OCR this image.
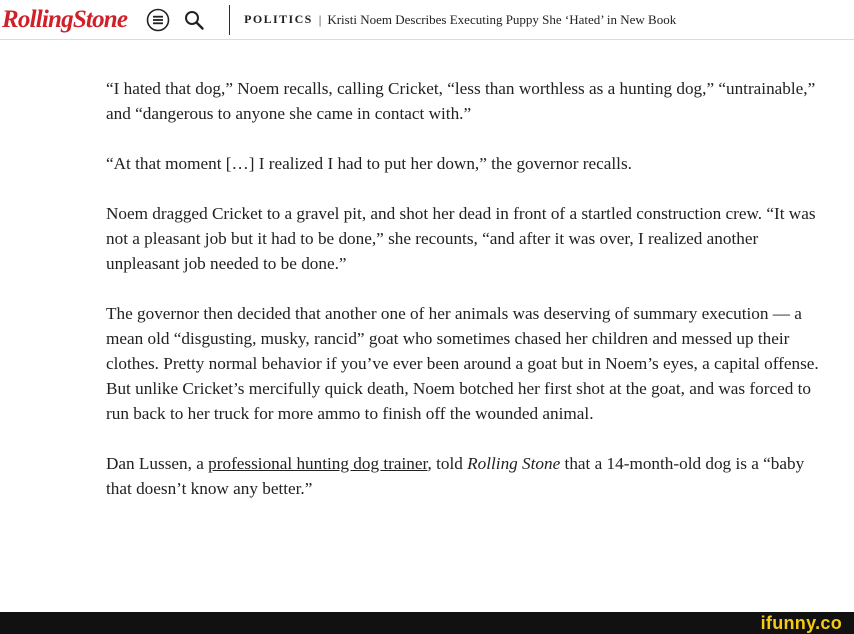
RollingStone	POLITICS | Kristi Noem Describes Executing Puppy She ‘Hated’ in New Book

“I hated that dog,” Noem recalls, calling Cricket, “less than worthless as a hunting dog,” “untrainable,” and “dangerous to anyone she came in contact with.”

“At that moment […] I realized I had to put her down,” the governor recalls.

Noem dragged Cricket to a gravel pit, and shot her dead in front of a startled construction crew. “It was not a pleasant job but it had to be done,” she recounts, “and after it was over, I realized another unpleasant job needed to be done.”

The governor then decided that another one of her animals was deserving of summary execution — a mean old “disgusting, musky, rancid” goat who sometimes chased her children and messed up their clothes. Pretty normal behavior if you’ve ever been around a goat but in Noem’s eyes, a capital offense. But unlike Cricket’s mercifully quick death, Noem botched her first shot at the goat, and was forced to run back to her truck for more ammo to finish off the wounded animal.

Dan Lussen, a professional hunting dog trainer, told Rolling Stone that a 14-month-old dog is a “baby that doesn’t know any better.”

ifunny.co
